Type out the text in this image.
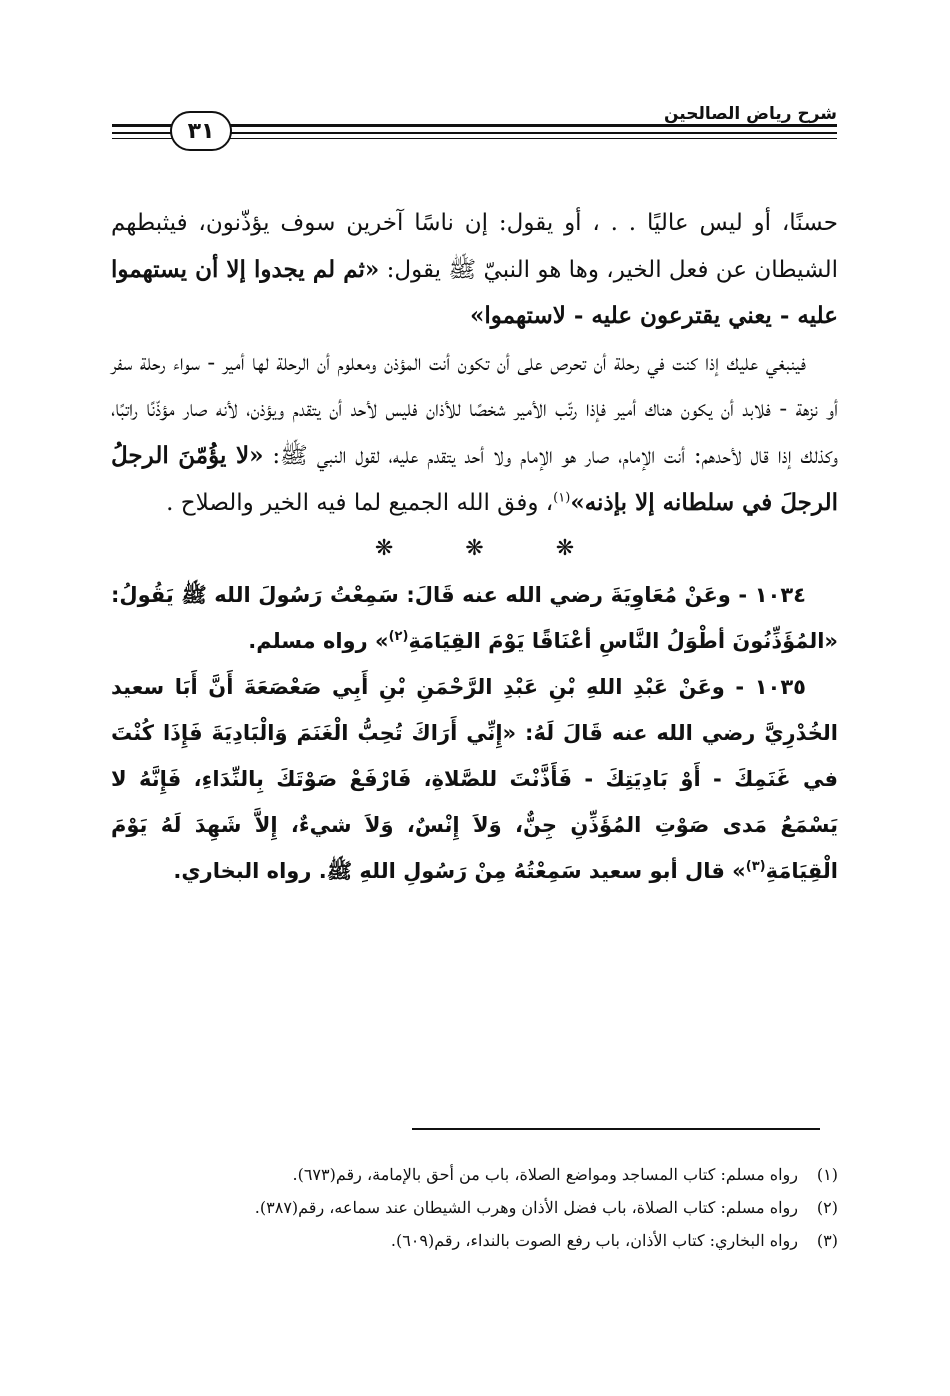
شرح رياض الصالحين
٣١

حسنًا، أو ليس عاليًا . . ، أو يقول: إن ناسًا آخرين سوف يؤذّنون، فيثبطهم الشيطان عن فعل الخير، وها هو النبيّ ﷺ يقول: «ثم لم يجدوا إلا أن يستهموا عليه - يعني يقترعون عليه - لاستهموا»

فينبغي عليك إذا كنت في رحلة أن تحرص على أن تكون أنت المؤذن ومعلوم أن الرحلة لها أمير - سواء رحلة سفر أو نزهة - فلابد أن يكون هناك أمير فإذا رتّب الأمير شخصًا للأذان فليس لأحد أن يتقدم ويؤذن، لأنه صار مؤذّنًا راتبًا، وكذلك إذا قال لأحدهم: أنت الإمام، صار هو الإمام ولا أحد يتقدم عليه، لقول النبي ﷺ: «لا يؤُمّنَ الرجلُ الرجلَ في سلطانه إلا بإذنه»$^{(١)}$، وفق الله الجميع لما فيه الخير والصلاح .

❋	❋	❋

١٠٣٤ - وعَنْ مُعَاوِيَةَ رضي الله عنه قَالَ: سَمِعْتُ رَسُولَ الله ﷺ يَقُولُ: «المُؤَذِّنُونَ أطْوَلُ النَّاسِ أعْنَاقًا يَوْمَ القِيَامَةِ$^{(٢)}$» رواه مسلم.

١٠٣٥ - وعَنْ عَبْدِ اللهِ بْنِ عَبْدِ الرَّحْمَنِ بْنِ أَبِي صَعْصَعَةَ أَنَّ أَبَا سعيد الخُدْرِيَّ رضي الله عنه قَالَ لَهُ: «إِنِّي أَرَاكَ تُحِبُّ الْغَنَمَ وَالْبَادِيَةَ فَإِذَا كُنْتَ في غَنَمِكَ - أَوْ بَادِيَتِكَ - فَأَذَّنْتَ للصَّلاةِ، فَارْفَعْ صَوْتَكَ بِالنِّدَاءِ، فَإِنَّهُ لا يَسْمَعُ مَدى صَوْتِ المُؤَذِّنِ جِنٌّ، وَلاَ إِنْسٌ، وَلاَ شيءٌ، إِلاَّ شَهِدَ لَهُ يَوْمَ الْقِيَامَةِ$^{(٣)}$» قال أبو سعيد سَمِعْتُهُ مِنْ رَسُولِ اللهِ ﷺ. رواه البخاري.

(١)رواه مسلم: كتاب المساجد ومواضع الصلاة، باب من أحق بالإمامة، رقم(٦٧٣).
(٢)رواه مسلم: كتاب الصلاة، باب فضل الأذان وهرب الشيطان عند سماعه، رقم(٣٨٧).
(٣)رواه البخاري: كتاب الأذان، باب رفع الصوت بالنداء، رقم(٦٠٩).
